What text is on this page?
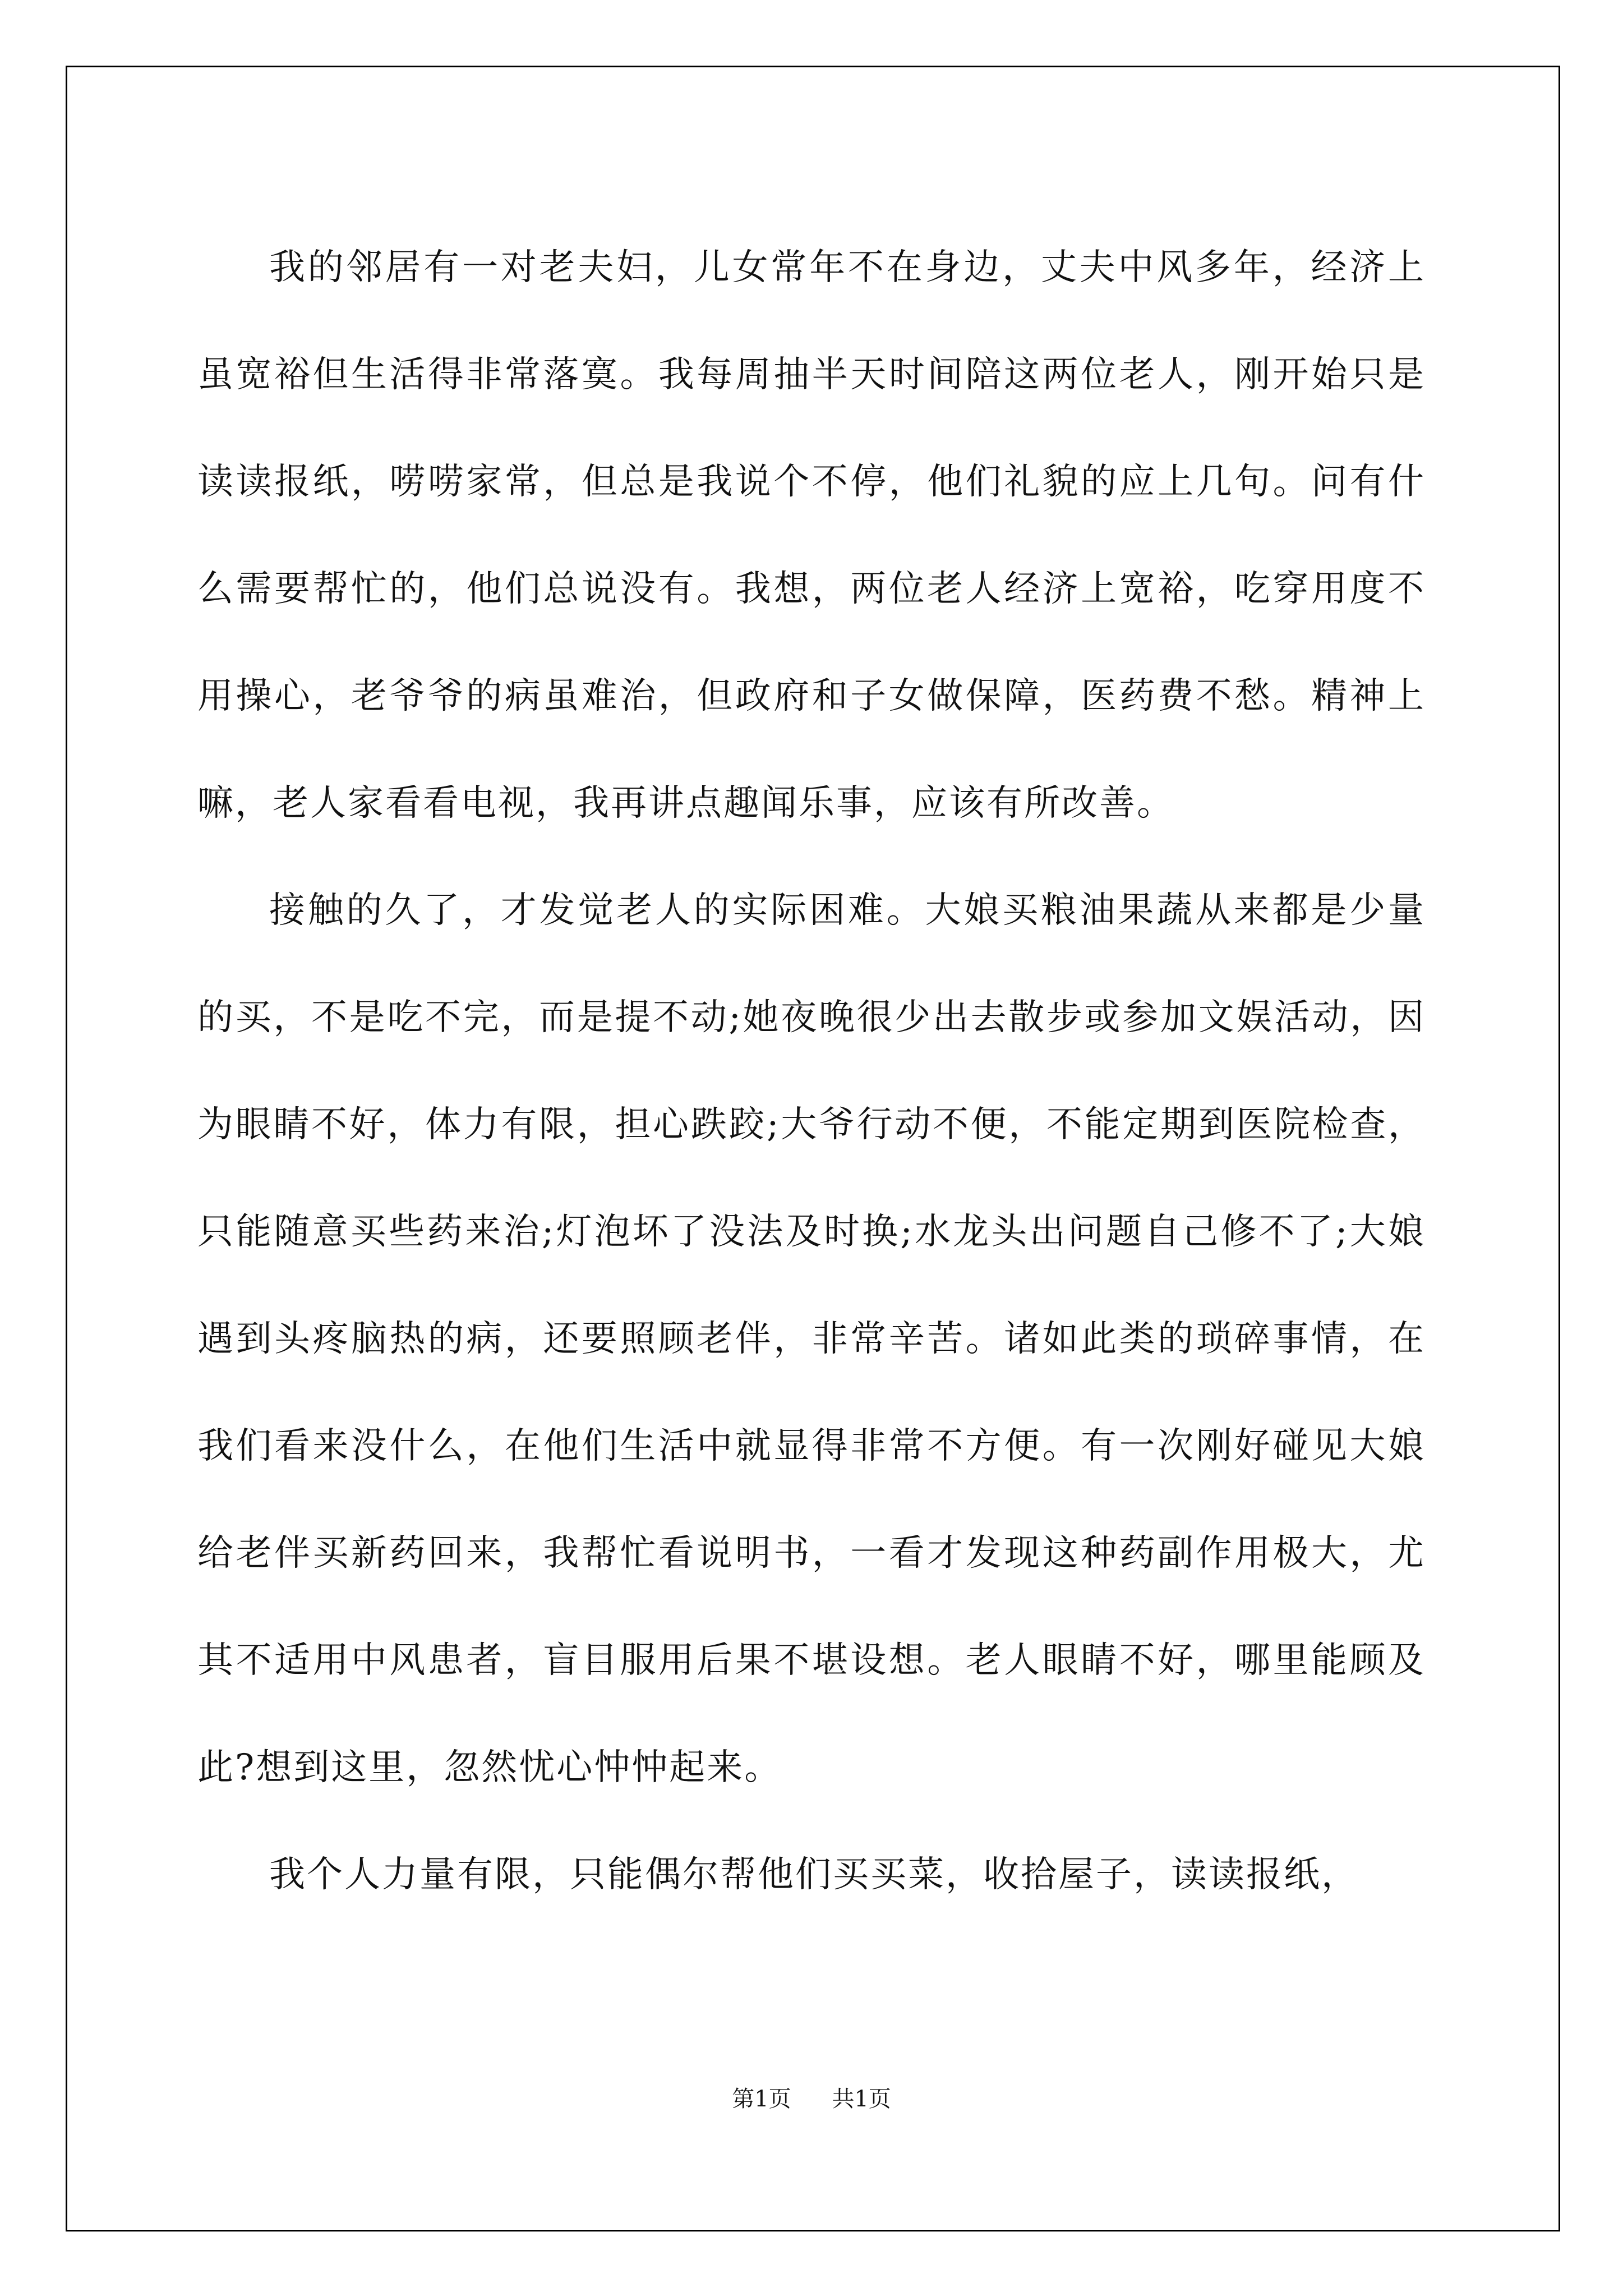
我的邻居有一对老夫妇，儿女常年不在身边，丈夫中风多年，经济上虽宽裕但生活得非常落寞。我每周抽半天时间陪这两位老人，刚开始只是读读报纸，唠唠家常，但总是我说个不停，他们礼貌的应上几句。问有什么需要帮忙的，他们总说没有。我想，两位老人经济上宽裕，吃穿用度不用操心，老爷爷的病虽难治，但政府和子女做保障，医药费不愁。精神上嘛，老人家看看电视，我再讲点趣闻乐事，应该有所改善。

接触的久了，才发觉老人的实际困难。大娘买粮油果蔬从来都是少量的买，不是吃不完，而是提不动;她夜晚很少出去散步或参加文娱活动，因为眼睛不好，体力有限，担心跌跤;大爷行动不便，不能定期到医院检查，只能随意买些药来治;灯泡坏了没法及时换;水龙头出问题自己修不了;大娘遇到头疼脑热的病，还要照顾老伴，非常辛苦。诸如此类的琐碎事情，在我们看来没什么，在他们生活中就显得非常不方便。有一次刚好碰见大娘给老伴买新药回来，我帮忙看说明书，一看才发现这种药副作用极大，尤其不适用中风患者，盲目服用后果不堪设想。老人眼睛不好，哪里能顾及此?想到这里，忽然忧心忡忡起来。

我个人力量有限，只能偶尔帮他们买买菜，收拾屋子，读读报纸，

第1页 共1页
